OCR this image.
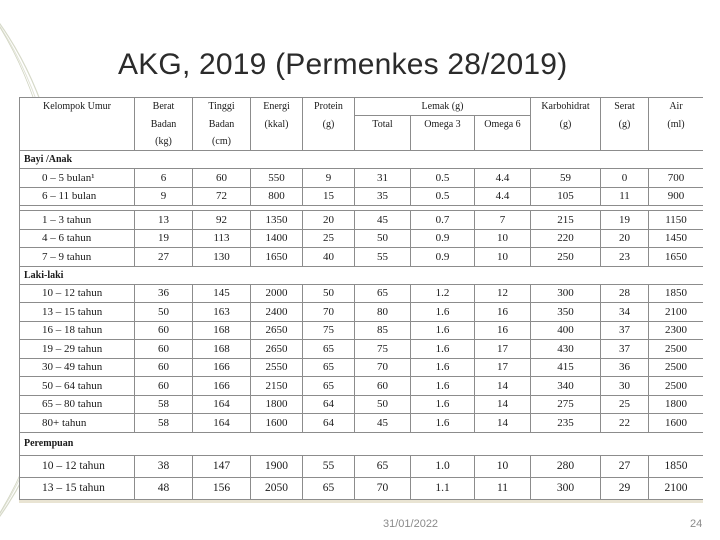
AKG, 2019 (Permenkes 28/2019)
Kelompok Umur	Berat	Tinggi	Energi	Protein	Lemak (g)			Karbohidrat	Serat	Air
	Badan	Badan	(kkal)	(g)	Total	Omega 3	Omega 6	(g)	(g)	(ml)
	(kg)	(cm)								
Bayi /Anak										
0 – 5 bulan¹	6	60	550	9	31	0.5	4.4	59	0	700
6 – 11 bulan	9	72	800	15	35	0.5	4.4	105	11	900

1 – 3 tahun	13	92	1350	20	45	0.7	7	215	19	1150
4 – 6 tahun	19	113	1400	25	50	0.9	10	220	20	1450
7 – 9 tahun	27	130	1650	40	55	0.9	10	250	23	1650
Laki-laki										
10 – 12 tahun	36	145	2000	50	65	1.2	12	300	28	1850
13 – 15 tahun	50	163	2400	70	80	1.6	16	350	34	2100
16 – 18 tahun	60	168	2650	75	85	1.6	16	400	37	2300
19 – 29 tahun	60	168	2650	65	75	1.6	17	430	37	2500
30 – 49 tahun	60	166	2550	65	70	1.6	17	415	36	2500
50 – 64 tahun	60	166	2150	65	60	1.6	14	340	30	2500
65 – 80 tahun	58	164	1800	64	50	1.6	14	275	25	1800
80+ tahun	58	164	1600	64	45	1.6	14	235	22	1600
Perempuan										
10 – 12 tahun	38	147	1900	55	65	1.0	10	280	27	1850
13 – 15 tahun	48	156	2050	65	70	1.1	11	300	29	2100
31/01/2022	24
